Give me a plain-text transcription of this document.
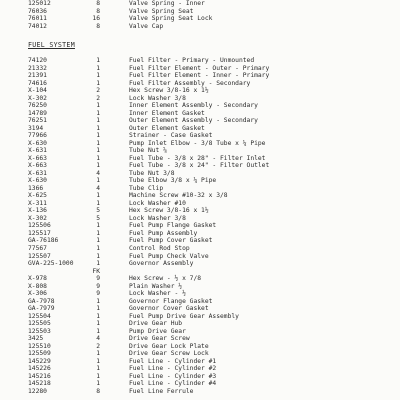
125012	8	Valve Spring - Inner
76036	8	Valve Spring Seat
76011	16	Valve Spring Seat Lock
74012	8	Valve Cap
FUEL SYSTEM
74120	1	Fuel Filter - Primary - Unmounted
21332	1	Fuel Filter Element - Outer - Primary
21391	1	Fuel Filter Element - Inner - Primary
74616	1	Fuel Filter Assembly - Secondary
X-104	2	Hex Screw 3/8-16 x 1½
X-302	2	Lock Washer 3/8
76250	1	Inner Element Assembly - Secondary
14789	1	Inner Element Gasket
76251	1	Outer Element Assembly - Secondary
3194	1	Outer Element Gasket
77966	1	Strainer - Case Gasket
X-630	1	Pump Inlet Elbow - 3/8 Tube x ¼ Pipe
X-631	1	Tube Nut ⅝
X-663	1	Fuel Tube - 3/8 x 28" - Filter Inlet
X-663	1	Fuel Tube - 3/8 x 24" - Filter Outlet
X-631	4	Tube Nut 3/8
X-630	1	Tube Elbow 3/8 x ¼ Pipe
1366	4	Tube Clip
X-625	1	Machine Screw #10-32 x 3/8
X-311	1	Lock Washer #10
X-136	5	Hex Screw 3/8-16 x 1½
X-302	5	Lock Washer 3/8
125506	1	Fuel Pump Flange Gasket
125517	1	Fuel Pump Assembly
GA-76186	1	Fuel Pump Cover Gasket
77567	1	Control Rod Stop
125507	1	Fuel Pump Check Valve
GVA-225-1000	1	Governor Assembly
FK
X-978	9	Hex Screw - ½ x 7/8
X-808	9	Plain Washer ½
X-306	9	Lock Washer - ½
GA-7978	1	Governor Flange Gasket
GA-7979	1	Governor Cover Gasket
125504	1	Fuel Pump Drive Gear Assembly
125505	1	Drive Gear Hub
125503	1	Pump Drive Gear
3425	4	Drive Gear Screw
125510	2	Drive Gear Lock Plate
125509	1	Drive Gear Screw Lock
145229	1	Fuel Line - Cylinder #1
145226	1	Fuel Line - Cylinder #2
145216	1	Fuel Line - Cylinder #3
145218	1	Fuel Line - Cylinder #4
12280	8	Fuel Line Ferrule
